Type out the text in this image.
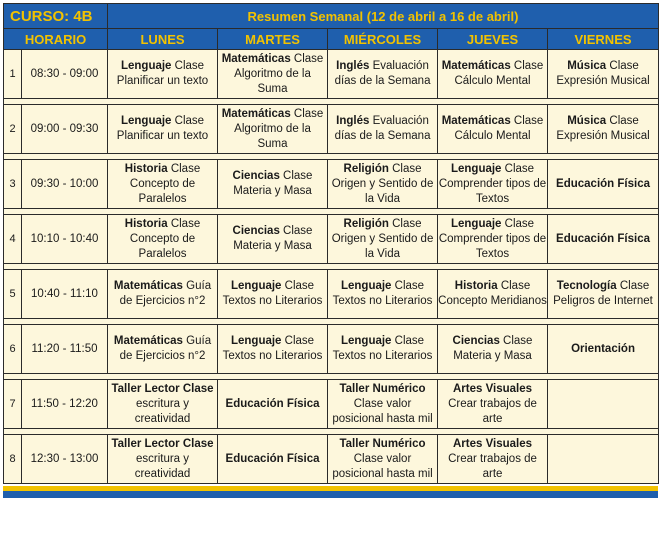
CURSO: 4B		Resumen Semanal (12 de abril a 16 de abril)				
HORARIO		LUNES	MARTES	MIÉRCOLES	JUEVES	VIERNES
1	08:30 - 09:00	Lenguaje Clase Planificar un texto	Matemáticas Clase Algoritmo de la Suma	Inglés Evaluación días de la Semana	Matemáticas Clase Cálculo Mental	Música Clase Expresión Musical

2	09:00 - 09:30	Lenguaje Clase Planificar un texto	Matemáticas Clase Algoritmo de la Suma	Inglés Evaluación días de la Semana	Matemáticas Clase Cálculo Mental	Música Clase Expresión Musical

3	09:30 - 10:00	Historia Clase Concepto de Paralelos	Ciencias Clase Materia y Masa	Religión Clase Origen y Sentido de la Vida	Lenguaje Clase Comprender tipos de Textos	Educación Física

4	10:10 - 10:40	Historia Clase Concepto de Paralelos	Ciencias Clase Materia y Masa	Religión Clase Origen y Sentido de la Vida	Lenguaje Clase Comprender tipos de Textos	Educación Física

5	10:40 - 11:10	Matemáticas Guía de Ejercicios n°2	Lenguaje Clase Textos no Literarios	Lenguaje Clase Textos no Literarios	Historia Clase Concepto Meridianos	Tecnología Clase Peligros de Internet

6	11:20 - 11:50	Matemáticas Guía de Ejercicios n°2	Lenguaje Clase Textos no Literarios	Lenguaje Clase Textos no Literarios	Ciencias Clase Materia y Masa	Orientación

7	11:50 - 12:20	Taller Lector Clase escritura y creatividad	Educación Física	Taller Numérico Clase valor posicional hasta mil	Artes Visuales Crear trabajos de arte	

8	12:30 - 13:00	Taller Lector Clase escritura y creatividad	Educación Física	Taller Numérico Clase valor posicional hasta mil	Artes Visuales Crear trabajos de arte	
